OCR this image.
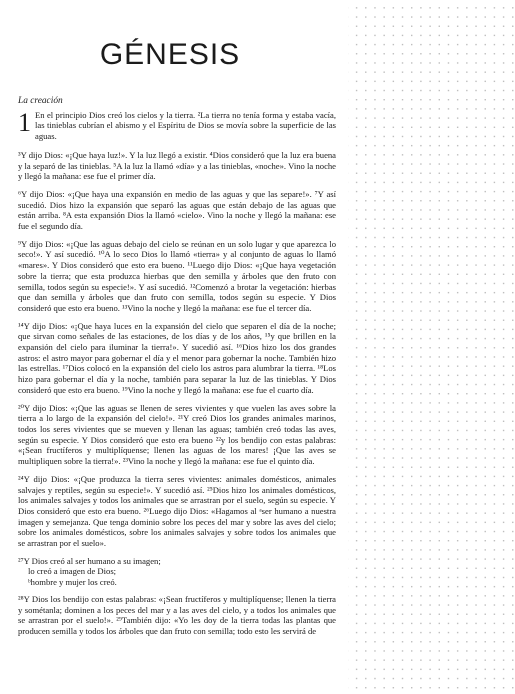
GÉNESIS
La creación

1 En el principio Dios creó los cielos y la tierra. ²La tierra no tenía forma y estaba vacía, las tinieblas cubrían el abismo y el Espíritu de Dios se movía sobre la superficie de las aguas.

³Y dijo Dios: «¡Que haya luz!». Y la luz llegó a existir. ⁴Dios consideró que la luz era buena y la separó de las tinieblas. ⁵A la luz la llamó «día» y a las tinieblas, «noche». Vino la noche y llegó la mañana: ese fue el primer día.

⁶Y dijo Dios: «¡Que haya una expansión en medio de las aguas y que las separe!». ⁷Y así sucedió. Dios hizo la expansión que separó las aguas que están debajo de las aguas que están arriba. ⁸A esta expansión Dios la llamó «cielo». Vino la noche y llegó la mañana: ese fue el segundo día.

⁹Y dijo Dios: «¡Que las aguas debajo del cielo se reúnan en un solo lugar y que aparezca lo seco!». Y así sucedió. ¹⁰A lo seco Dios lo llamó «tierra» y al conjunto de aguas lo llamó «mares». Y Dios consideró que esto era bueno. ¹¹Luego dijo Dios: «¡Que haya vegetación sobre la tierra; que esta produzca hierbas que den semilla y árboles que den fruto con semilla, todos según su especie!». Y así sucedió. ¹²Comenzó a brotar la vegetación: hierbas que dan semilla y árboles que dan fruto con semilla, todos según su especie. Y Dios consideró que esto era bueno. ¹³Vino la noche y llegó la mañana: ese fue el tercer día.

¹⁴Y dijo Dios: «¡Que haya luces en la expansión del cielo que separen el día de la noche; que sirvan como señales de las estaciones, de los días y de los años, ¹⁵y que brillen en la expansión del cielo para iluminar la tierra!». Y sucedió así. ¹⁶Dios hizo los dos grandes astros: el astro mayor para gobernar el día y el menor para gobernar la noche. También hizo las estrellas. ¹⁷Dios colocó en la expansión del cielo los astros para alumbrar la tierra. ¹⁸Los hizo para gobernar el día y la noche, también para separar la luz de las tinieblas. Y Dios consideró que esto era bueno. ¹⁹Vino la noche y llegó la mañana: ese fue el cuarto día.

²⁰Y dijo Dios: «¡Que las aguas se llenen de seres vivientes y que vuelen las aves sobre la tierra a lo largo de la expansión del cielo!». ²¹Y creó Dios los grandes animales marinos, todos los seres vivientes que se mueven y llenan las aguas; también creó todas las aves, según su especie. Y Dios consideró que esto era bueno ²²y los bendijo con estas palabras: «¡Sean fructíferos y multiplíquense; llenen las aguas de los mares! ¡Que las aves se multipliquen sobre la tierra!». ²³Vino la noche y llegó la mañana: ese fue el quinto día.

²⁴Y dijo Dios: «¡Que produzca la tierra seres vivientes: animales domésticos, animales salvajes y reptiles, según su especie!». Y sucedió así. ²⁵Dios hizo los animales domésticos, los animales salvajes y todos los animales que se arrastran por el suelo, según su especie. Y Dios consideró que esto era bueno. ²⁶Luego dijo Dios: «Hagamos al ᵃser humano a nuestra imagen y semejanza. Que tenga dominio sobre los peces del mar y sobre las aves del cielo; sobre los animales domésticos, sobre los animales salvajes y sobre todos los animales que se arrastran por el suelo».

²⁷Y Dios creó al ser humano a su imagen;
lo creó a imagen de Dios;
ᵇhombre y mujer los creó.

²⁸Y Dios los bendijo con estas palabras: «¡Sean fructíferos y multiplíquense; llenen la tierra y sométanla; dominen a los peces del mar y a las aves del cielo, y a todos los animales que se arrastran por el suelo!». ²⁹También dijo: «Yo les doy de la tierra todas las plantas que producen semilla y todos los árboles que dan fruto con semilla; todo esto les servirá de
